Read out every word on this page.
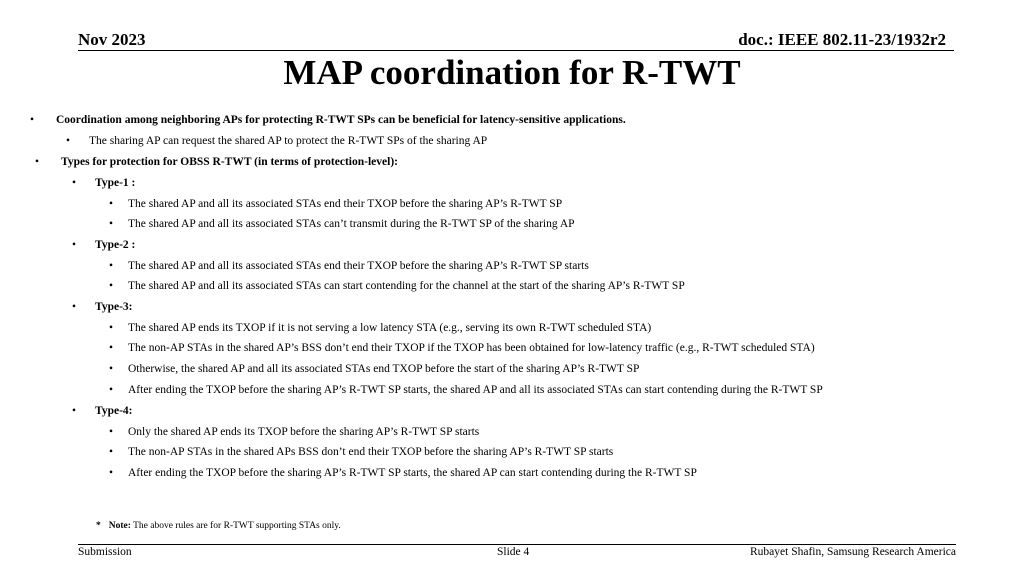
Nov 2023	doc.: IEEE 802.11-23/1932r2
MAP coordination for R-TWT
• Coordination among neighboring APs for protecting R-TWT SPs can be beneficial for latency-sensitive applications.
• The sharing AP can request the shared AP to protect the R-TWT SPs of the sharing AP
• Types for protection for OBSS R-TWT (in terms of protection-level):
• Type-1 :
• The shared AP and all its associated STAs end their TXOP before the sharing AP’s R-TWT SP
• The shared AP and all its associated STAs can’t transmit during the R-TWT SP of the sharing AP
• Type-2 :
• The shared AP and all its associated STAs end their TXOP before the sharing AP’s R-TWT SP starts
• The shared AP and all its associated STAs can start contending for the channel at the start of the sharing AP’s R-TWT SP
• Type-3:
• The shared AP ends its TXOP if it is not serving a low latency STA (e.g., serving its own R-TWT scheduled STA)
• The non-AP STAs in the shared AP’s BSS don’t end their TXOP if the TXOP has been obtained for low-latency traffic (e.g., R-TWT scheduled STA)
• Otherwise, the shared AP and all its associated STAs end TXOP before the start of the sharing AP’s R-TWT SP
• After ending the TXOP before the sharing AP’s R-TWT SP starts, the shared AP and all its associated STAs can start contending during the R-TWT SP
• Type-4:
• Only the shared AP ends its TXOP before the sharing AP’s R-TWT SP starts
• The non-AP STAs in the shared APs BSS don’t end their TXOP before the sharing AP’s R-TWT SP starts
• After ending the TXOP before the sharing AP’s R-TWT SP starts, the shared AP can start contending during the R-TWT SP
* Note: The above rules are for R-TWT supporting STAs only.
Submission	Slide 4	Rubayet Shafin, Samsung Research America
